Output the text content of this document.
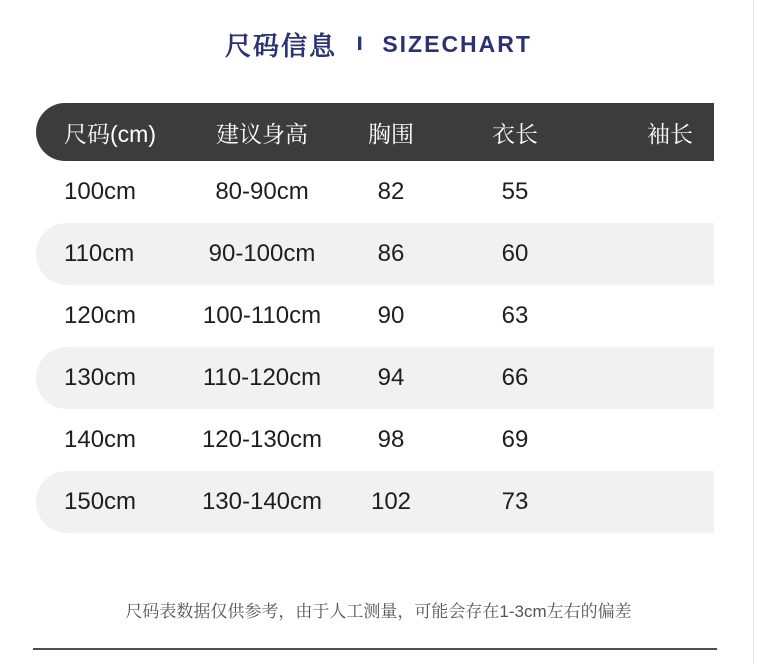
尺码信息 I SIZECHART
尺码(cm)	建议身高	胸围	衣长	袖长
100cm	80-90cm	82	55
110cm	90-100cm	86	60
120cm	100-110cm	90	63
130cm	110-120cm	94	66
140cm	120-130cm	98	69
150cm	130-140cm	102	73
尺码表数据仅供参考，由于人工测量，可能会存在1-3cm左右的偏差
